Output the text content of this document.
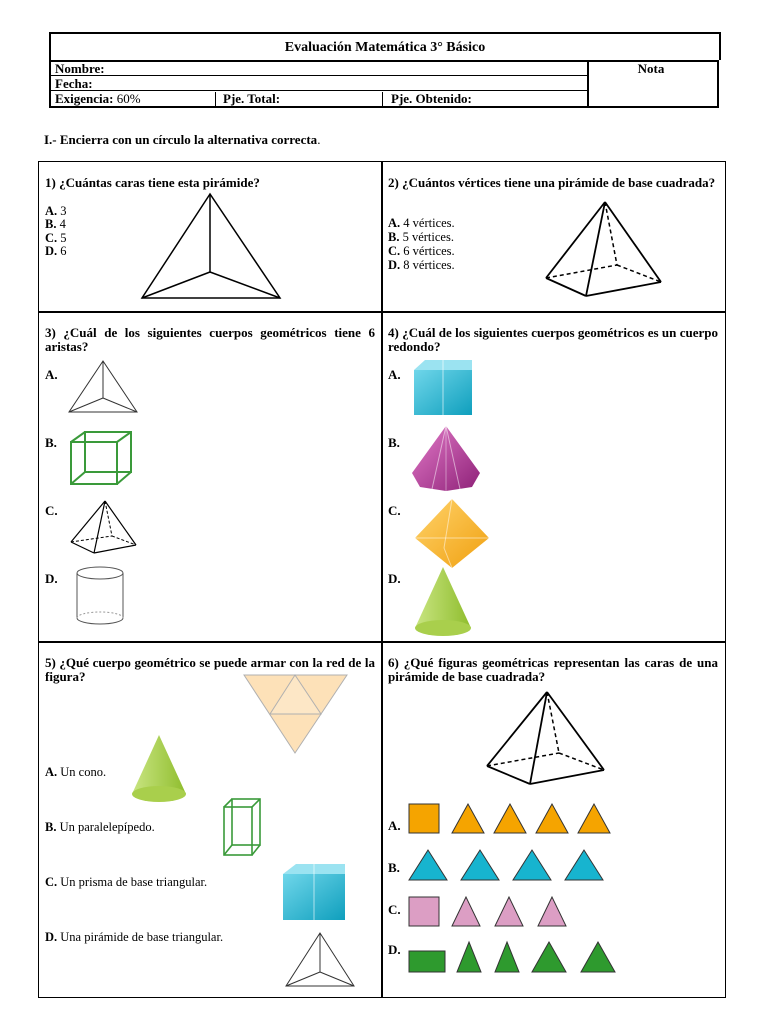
Evaluación Matemática 3° Básico
Nombre:
Fecha:
Exigencia: 60%	Pje. Total:	Pje. Obtenido:
Nota
I.- Encierra con un círculo la alternativa correcta.
1) ¿Cuántas caras tiene esta pirámide?
A. 3
B. 4
C. 5
D. 6
2) ¿Cuántos vértices tiene una pirámide de base cuadrada?
A. 4 vértices.
B. 5 vértices.
C. 6 vértices.
D. 8 vértices.
3) ¿Cuál de los siguientes cuerpos geométricos tiene 6 aristas?
A.
B.
C.
D.
4) ¿Cuál de los siguientes cuerpos geométricos es un cuerpo redondo?
A.
B.
C.
D.
5) ¿Qué cuerpo geométrico se puede armar con la red de la figura?
A. Un cono.
B. Un paralelepípedo.
C. Un prisma de base triangular.
D. Una pirámide de base triangular.
6) ¿Qué figuras geométricas representan las caras de una pirámide de base cuadrada?
A.
B.
C.
D.
